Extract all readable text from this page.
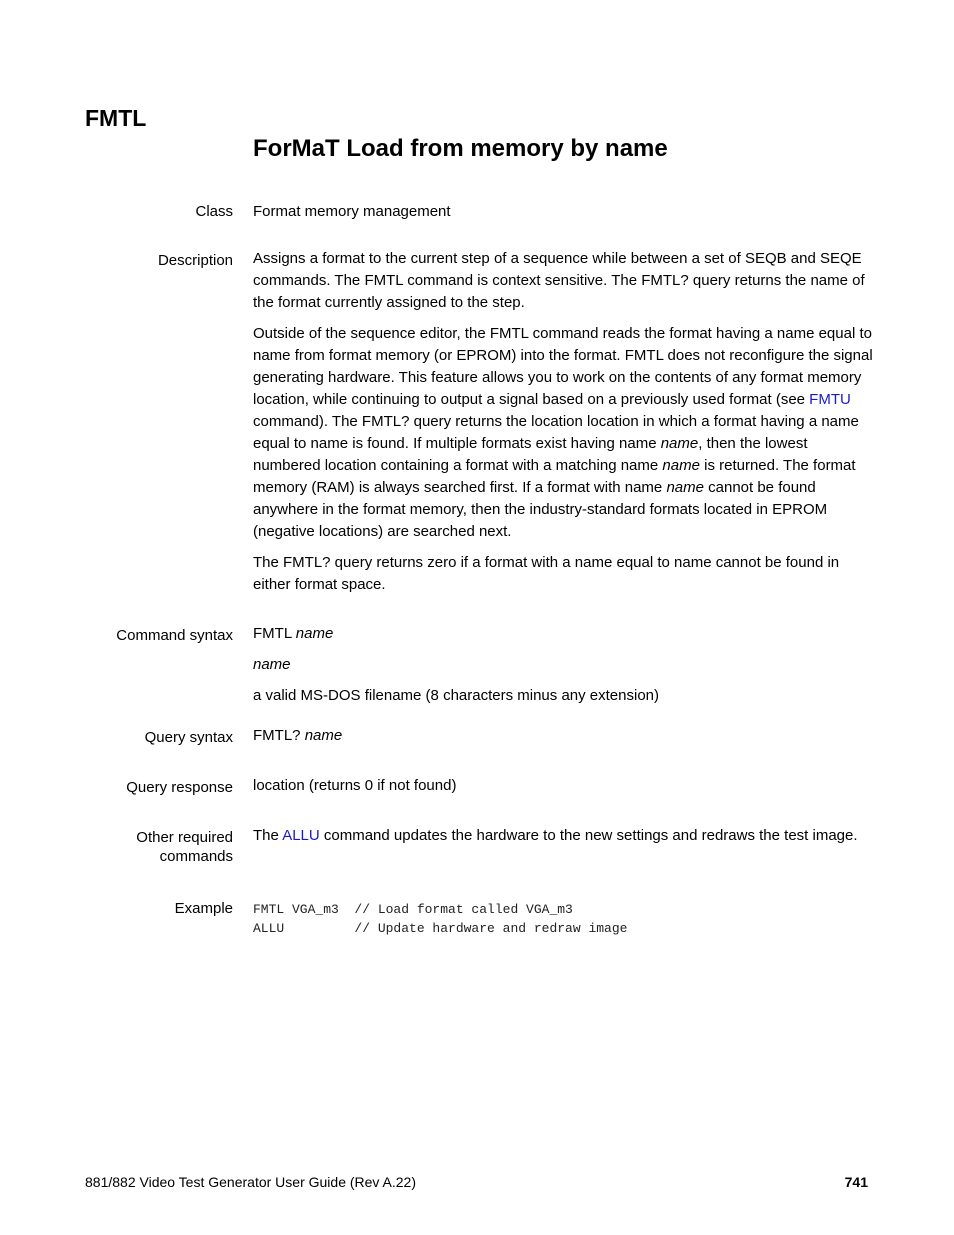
FMTL
ForMaT Load from memory by name
Class Format memory management
Description Assigns a format to the current step of a sequence while between a set of SEQB and SEQE commands. The FMTL command is context sensitive. The FMTL? query returns the name of the format currently assigned to the step.

Outside of the sequence editor, the FMTL command reads the format having a name equal to name from format memory (or EPROM) into the format. FMTL does not reconfigure the signal generating hardware. This feature allows you to work on the contents of any format memory location, while continuing to output a signal based on a previously used format (see FMTU command). The FMTL? query returns the location location in which a format having a name equal to name is found. If multiple formats exist having name name, then the lowest numbered location containing a format with a matching name name is returned. The format memory (RAM) is always searched first. If a format with name name cannot be found anywhere in the format memory, then the industry-standard formats located in EPROM (negative locations) are searched next.

The FMTL? query returns zero if a format with a name equal to name cannot be found in either format space.

Command syntax FMTL name

name

a valid MS-DOS filename (8 characters minus any extension)

Query syntax FMTL? name
Query response location (returns 0 if not found)
Other required
commands
The ALLU command updates the hardware to the new settings and redraws the test image.
Example FMTL VGA_m3  // Load format called VGA_m3
ALLU         // Update hardware and redraw image
881/882 Video Test Generator User Guide (Rev A.22)	741
